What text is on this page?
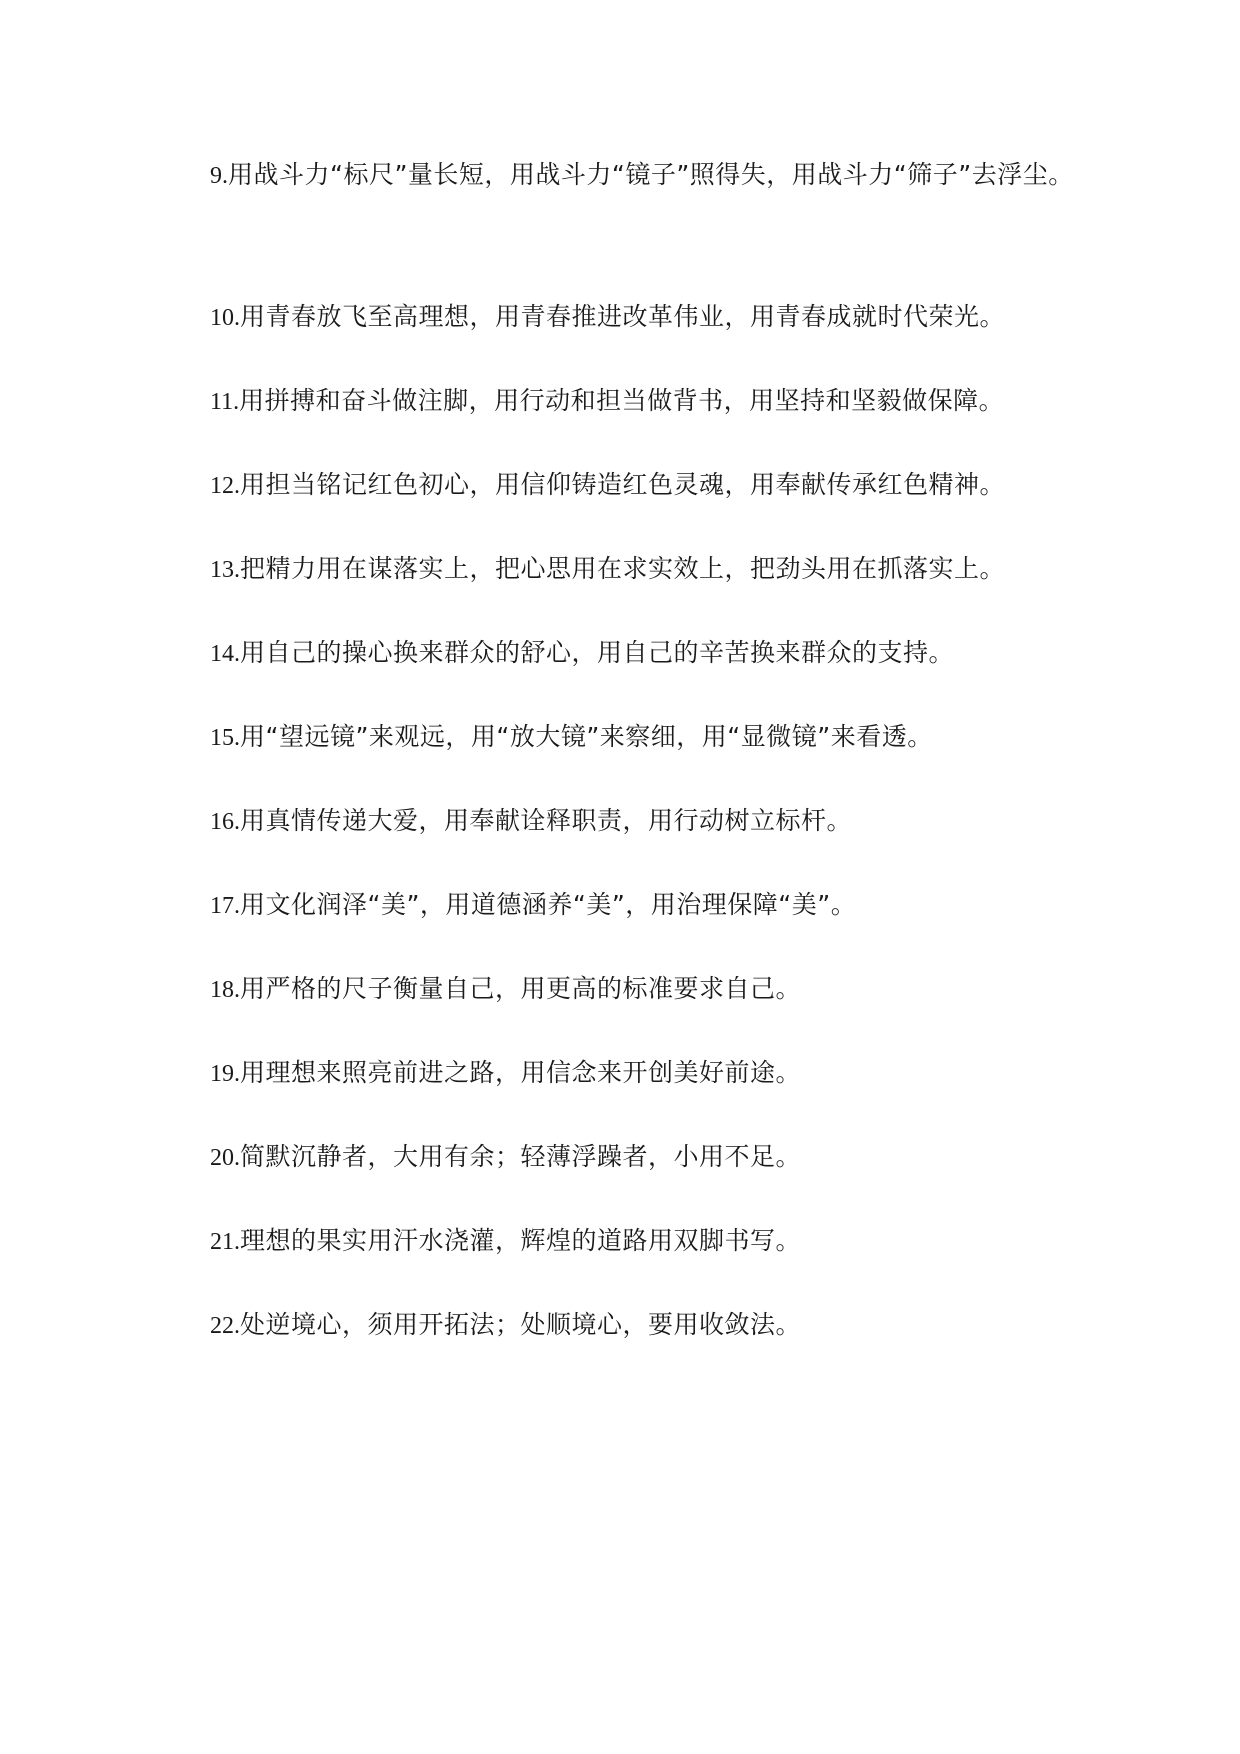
9.用战斗力“标尺”量长短，用战斗力“镜子”照得失，用战斗力“筛子”去浮尘。
10.用青春放飞至高理想，用青春推进改革伟业，用青春成就时代荣光。
11.用拼搏和奋斗做注脚，用行动和担当做背书，用坚持和坚毅做保障。
12.用担当铭记红色初心，用信仰铸造红色灵魂，用奉献传承红色精神。
13.把精力用在谋落实上，把心思用在求实效上，把劲头用在抓落实上。
14.用自己的操心换来群众的舒心，用自己的辛苦换来群众的支持。
15.用“望远镜”来观远，用“放大镜”来察细，用“显微镜”来看透。
16.用真情传递大爱，用奉献诠释职责，用行动树立标杆。
17.用文化润泽“美”，用道德涵养“美”，用治理保障“美”。
18.用严格的尺子衡量自己，用更高的标准要求自己。
19.用理想来照亮前进之路，用信念来开创美好前途。
20.简默沉静者，大用有余；轻薄浮躁者，小用不足。
21.理想的果实用汗水浇灌，辉煌的道路用双脚书写。
22.处逆境心，须用开拓法；处顺境心，要用收敛法。
